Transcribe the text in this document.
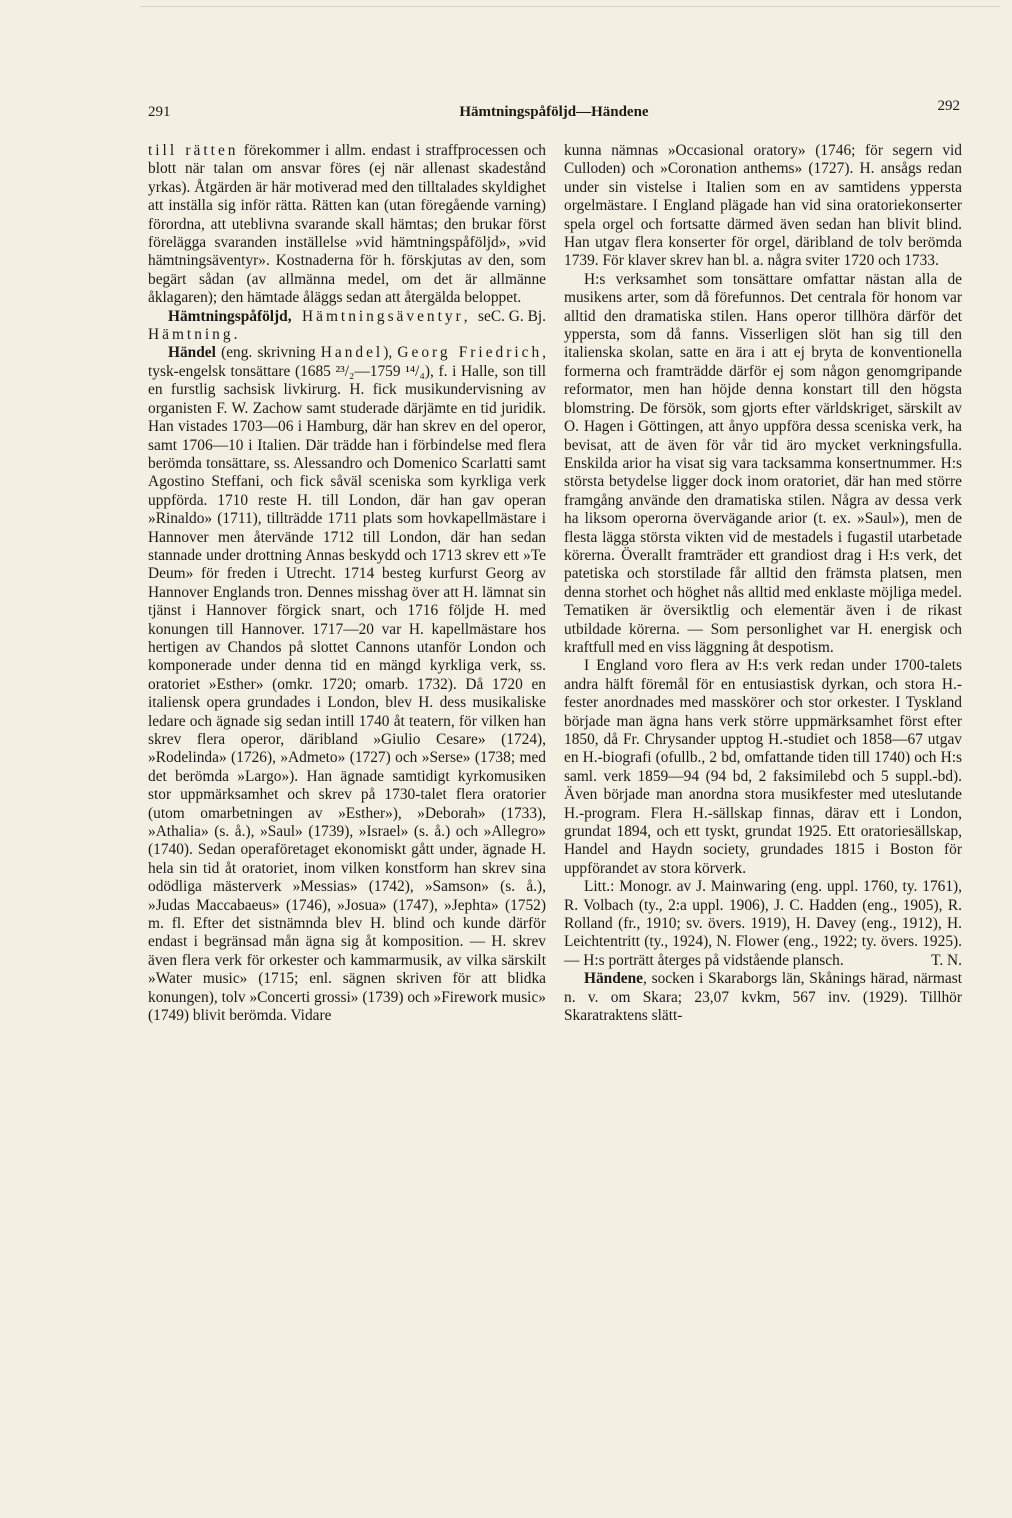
291	Hämtningspåföljd—Händene	292

till rätten förekommer i allm. endast i straffprocessen och blott när talan om ansvar föres (ej när allenast skadestånd yrkas). Åtgärden är här motiverad med den tilltalades skyldighet att inställa sig inför rätta. Rätten kan (utan föregående varning) förordna, att uteblivna svarande skall hämtas; den brukar först förelägga svaranden inställelse »vid hämtningspåföljd», »vid hämtningsäventyr». Kostnaderna för h. förskjutas av den, som begärt sådan (av allmänna medel, om det är allmänne åklagaren); den hämtade åläggs sedan att återgälda beloppet.
C. G. Bj.

Hämtningspåföljd, Hämtningsäventyr, se Hämtning.

Händel (eng. skrivning Handel), Georg Friedrich, tysk-engelsk tonsättare (1685 ²³/₂—1759 ¹⁴/₄), f. i Halle, son till en furstlig sachsisk livkirurg. H. fick musikundervisning av organisten F. W. Zachow samt studerade därjämte en tid juridik. Han vistades 1703—06 i Hamburg, där han skrev en del operor, samt 1706—10 i Italien. Där trädde han i förbindelse med flera berömda tonsättare, ss. Alessandro och Domenico Scarlatti samt Agostino Steffani, och fick såväl sceniska som kyrkliga verk uppförda. 1710 reste H. till London, där han gav operan »Rinaldo» (1711), tillträdde 1711 plats som hovkapellmästare i Hannover men återvände 1712 till London, där han sedan stannade under drottning Annas beskydd och 1713 skrev ett »Te Deum» för freden i Utrecht. 1714 besteg kurfurst Georg av Hannover Englands tron. Dennes misshag över att H. lämnat sin tjänst i Hannover förgick snart, och 1716 följde H. med konungen till Hannover. 1717—20 var H. kapellmästare hos hertigen av Chandos på slottet Cannons utanför London och komponerade under denna tid en mängd kyrkliga verk, ss. oratoriet »Esther» (omkr. 1720; omarb. 1732). Då 1720 en italiensk opera grundades i London, blev H. dess musikaliske ledare och ägnade sig sedan intill 1740 åt teatern, för vilken han skrev flera operor, däribland »Giulio Cesare» (1724), »Rodelinda» (1726), »Admeto» (1727) och »Serse» (1738; med det berömda »Largo»). Han ägnade samtidigt kyrkomusiken stor uppmärksamhet och skrev på 1730-talet flera oratorier (utom omarbetningen av »Esther»), »Deborah» (1733), »Athalia» (s. å.), »Saul» (1739), »Israel» (s. å.) och »Allegro» (1740). Sedan operaföretaget ekonomiskt gått under, ägnade H. hela sin tid åt oratoriet, inom vilken konstform han skrev sina odödliga mästerverk »Messias» (1742), »Samson» (s. å.), »Judas Maccabaeus» (1746), »Josua» (1747), »Jephta» (1752) m. fl. Efter det sistnämnda blev H. blind och kunde därför endast i begränsad mån ägna sig åt komposition. — H. skrev även flera verk för orkester och kammarmusik, av vilka särskilt »Water music» (1715; enl. sägnen skriven för att blidka konungen), tolv »Concerti grossi» (1739) och »Firework music» (1749) blivit berömda. Vidare

kunna nämnas »Occasional oratory» (1746; för segern vid Culloden) och »Coronation anthems» (1727). H. ansågs redan under sin vistelse i Italien som en av samtidens yppersta orgelmästare. I England plägade han vid sina oratoriekonserter spela orgel och fortsatte därmed även sedan han blivit blind. Han utgav flera konserter för orgel, däribland de tolv berömda 1739. För klaver skrev han bl. a. några sviter 1720 och 1733.

H:s verksamhet som tonsättare omfattar nästan alla de musikens arter, som då förefunnos. Det centrala för honom var alltid den dramatiska stilen. Hans operor tillhöra därför det yppersta, som då fanns. Visserligen slöt han sig till den italienska skolan, satte en ära i att ej bryta de konventionella formerna och framträdde därför ej som någon genomgripande reformator, men han höjde denna konstart till den högsta blomstring. De försök, som gjorts efter världskriget, särskilt av O. Hagen i Göttingen, att ånyo uppföra dessa sceniska verk, ha bevisat, att de även för vår tid äro mycket verkningsfulla. Enskilda arior ha visat sig vara tacksamma konsertnummer. H:s största betydelse ligger dock inom oratoriet, där han med större framgång använde den dramatiska stilen. Några av dessa verk ha liksom operorna övervägande arior (t. ex. »Saul»), men de flesta lägga största vikten vid de mestadels i fugastil utarbetade körerna. Överallt framträder ett grandiost drag i H:s verk, det patetiska och storstilade får alltid den främsta platsen, men denna storhet och höghet nås alltid med enklaste möjliga medel. Tematiken är översiktlig och elementär även i de rikast utbildade körerna. — Som personlighet var H. energisk och kraftfull med en viss läggning åt despotism.

I England voro flera av H:s verk redan under 1700-talets andra hälft föremål för en entusiastisk dyrkan, och stora H.-fester anordnades med masskörer och stor orkester. I Tyskland började man ägna hans verk större uppmärksamhet först efter 1850, då Fr. Chrysander upptog H.-studiet och 1858—67 utgav en H.-biografi (ofullb., 2 bd, omfattande tiden till 1740) och H:s saml. verk 1859—94 (94 bd, 2 faksimilebd och 5 suppl.-bd). Även började man anordna stora musikfester med uteslutande H.-program. Flera H.-sällskap finnas, därav ett i London, grundat 1894, och ett tyskt, grundat 1925. Ett oratoriesällskap, Handel and Haydn society, grundades 1815 i Boston för uppförandet av stora körverk.

Litt.: Monogr. av J. Mainwaring (eng. uppl. 1760, ty. 1761), R. Volbach (ty., 2:a uppl. 1906), J. C. Hadden (eng., 1905), R. Rolland (fr., 1910; sv. övers. 1919), H. Davey (eng., 1912), H. Leichtentritt (ty., 1924), N. Flower (eng., 1922; ty. övers. 1925). — H:s porträtt återges på vidstående plansch.	T. N.

Händene, socken i Skaraborgs län, Skånings härad, närmast n. v. om Skara; 23,07 kvkm, 567 inv. (1929). Tillhör Skaratraktens slätt-
